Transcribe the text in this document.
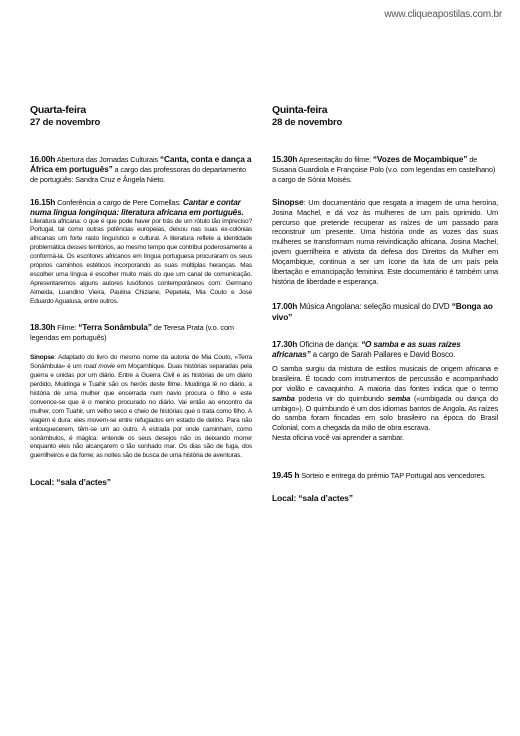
www.cliqueapostilas.com.br

Quarta-feira

27 de novembro

16.00h Abertura das Jornadas Culturais “Canta, conta e dança a África em português” a cargo das professoras do departamento de português: Sandra Cruz e Ângela Nieto.

16.15h Conferência a cargo de Pere Comellas: Cantar e contar numa língua longínqua: literatura africana em português.

Literatura africana: o que é que pode haver por trás de um rótulo tão impreciso? Portugal, tal como outras potências europeias, deixou nas suas ex-colónias africanas um forte rasto linguístico e cultural. A literatura reflete a identidade problemática desses territórios, ao mesmo tempo que contribui poderosamente a conformá-la. Os escritores africanos em língua portuguesa procuraram os seus próprios caminhos estéticos incorporando as suas múltiplas heranças. Mas escolher uma língua é escolher muito mais do que um canal de comunicação. Apresentaremos alguns autores lusófonos contemporâneos com: Germano Almeida, Luandino Vieira, Paulina Chiziane, Pepetela, Mia Couto e José Eduardo Agualusa, entre outros.

18.30h Filme: “Terra Sonâmbula” de Teresa Prata (v.o. com legendas em português)

Sinopse: Adaptado do livro do mesmo nome da autoria de Mia Couto, «Terra Sonâmbula» é um road movie em Moçambique. Duas histórias separadas pela guerra e unidas por um diário. Entre a Guerra Civil e as histórias de um diário perdido, Muidinga e Tuahir são os heróis deste filme. Muidinga lê no diário, a história de uma mulher que encerrada num navio procura o filho e este convence-se que é o menino procurado no diário. Vai então ao encontro da mulher, com Tuahir, um velho seco e cheio de histórias que o trata como filho. A viagem é dura: eles movem-se entre refugiados em estado de delírio. Para não enlouquecerem, têm-se um ao outro. A estrada por onde caminham, como sonâmbulos, é mágica: entende os seus desejos não os deixando morrer enquanto eles não alcançarem o tão sonhado mar. Os dias são de fuga, dos guerrilheiros e da fome; as noites são de busca de uma história de aventuras.

Local: “sala d’actes”

Quinta-feira

28 de novembro

15.30h Apresentação do filme: “Vozes de Moçambique” de Susana Guardiola e Françoise Polo (v.o. com legendas em castelhano) a cargo de Sónia Moisés.

Sinopse: Um documentário que resgata a imagem de uma heroína, Josina Machel, e dá voz às mulheres de um país oprimido. Um percurso que pretende recuperar as raízes de um passado para reconstruir um presente. Uma história onde as vozes das suas mulheres se transformam numa reivindicação africana. Josina Machel, jovem guerrilheira e ativista da defesa dos Direitos da Mulher em Moçambique, continua a ser um ícone da luta de um país pela libertação e emancipação feminina. Este documentário é também uma história de liberdade e esperança.

17.00h Música Angolana: seleção musical do DVD “Bonga ao vivo”

17.30h Oficina de dança: “O samba e as suas raízes africanas” a cargo de Sarah Pallares e David Bosco.

O samba surgiu da mistura de estilos musicais de origem africana e brasileira. É tocado com instrumentos de percussão e acompanhado por violão e cavaquinho. A maioria das fontes indica que o termo samba poderia vir do quimbundo semba («umbigada ou dança do umbigo»). O quimbundo é um dos idiomas bantos de Angola. As raízes do samba foram fincadas em solo brasileiro na época do Brasil Colonial, com a chegada da mão de obra escrava.

Nesta oficina você vai aprender a sambar.

19.45 h Sorteio e entrega do prémio TAP Portugal aos vencedores.

Local: “sala d’actes”
